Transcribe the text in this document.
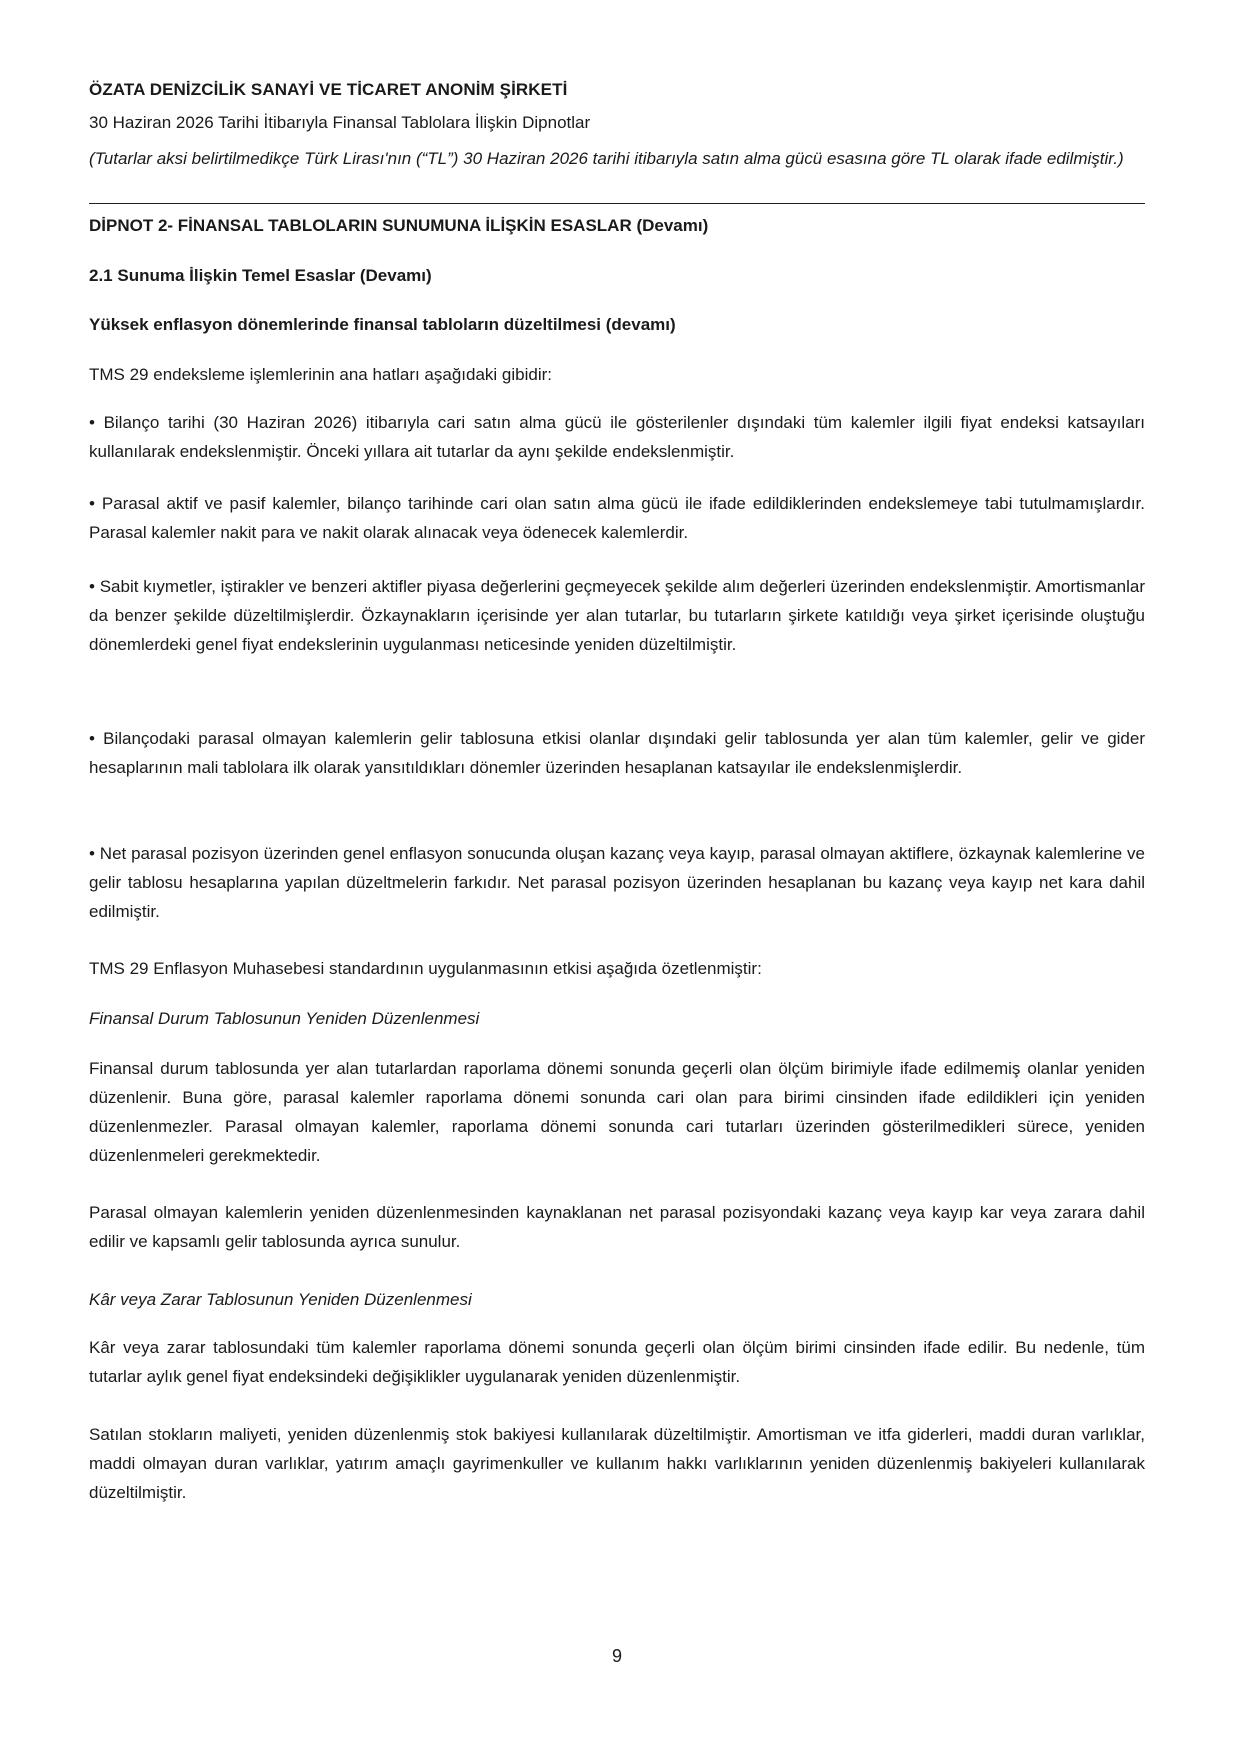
ÖZATA DENİZCİLİK SANAYİ VE TİCARET ANONİM ŞİRKETİ
30 Haziran 2026 Tarihi İtibarıyla Finansal Tablolara İlişkin Dipnotlar
(Tutarlar aksi belirtilmedikçe Türk Lirası'nın (“TL”) 30 Haziran 2026 tarihi itibarıyla satın alma gücü esasına göre TL olarak ifade edilmiştir.)
DİPNOT 2- FİNANSAL TABLOLARIN SUNUMUNA İLİŞKİN ESASLAR (Devamı)
2.1 Sunuma İlişkin Temel Esaslar (Devamı)
Yüksek enflasyon dönemlerinde finansal tabloların düzeltilmesi (devamı)
TMS 29 endeksleme işlemlerinin ana hatları aşağıdaki gibidir:
• Bilanço tarihi (30 Haziran 2026) itibarıyla cari satın alma gücü ile gösterilenler dışındaki tüm kalemler ilgili fiyat endeksi katsayıları kullanılarak endekslenmiştir. Önceki yıllara ait tutarlar da aynı şekilde endekslenmiştir.
• Parasal aktif ve pasif kalemler, bilanço tarihinde cari olan satın alma gücü ile ifade edildiklerinden endekslemeye tabi tutulmamışlardır. Parasal kalemler nakit para ve nakit olarak alınacak veya ödenecek kalemlerdir.
• Sabit kıymetler, iştirakler ve benzeri aktifler piyasa değerlerini geçmeyecek şekilde alım değerleri üzerinden endekslenmiştir. Amortismanlar da benzer şekilde düzeltilmişlerdir. Özkaynakların içerisinde yer alan tutarlar, bu tutarların şirkete katıldığı veya şirket içerisinde oluştuğu dönemlerdeki genel fiyat endekslerinin uygulanması neticesinde yeniden düzeltilmiştir.
• Bilançodaki parasal olmayan kalemlerin gelir tablosuna etkisi olanlar dışındaki gelir tablosunda yer alan tüm kalemler, gelir ve gider hesaplarının mali tablolara ilk olarak yansıtıldıkları dönemler üzerinden hesaplanan katsayılar ile endekslenmişlerdir.
• Net parasal pozisyon üzerinden genel enflasyon sonucunda oluşan kazanç veya kayıp, parasal olmayan aktiflere, özkaynak kalemlerine ve gelir tablosu hesaplarına yapılan düzeltmelerin farkıdır. Net parasal pozisyon üzerinden hesaplanan bu kazanç veya kayıp net kara dahil edilmiştir.
TMS 29 Enflasyon Muhasebesi standardının uygulanmasının etkisi aşağıda özetlenmiştir:
Finansal Durum Tablosunun Yeniden Düzenlenmesi
Finansal durum tablosunda yer alan tutarlardan raporlama dönemi sonunda geçerli olan ölçüm birimiyle ifade edilmemiş olanlar yeniden düzenlenir. Buna göre, parasal kalemler raporlama dönemi sonunda cari olan para birimi cinsinden ifade edildikleri için yeniden düzenlenmezler. Parasal olmayan kalemler, raporlama dönemi sonunda cari tutarları üzerinden gösterilmedikleri sürece, yeniden düzenlenmeleri gerekmektedir.
Parasal olmayan kalemlerin yeniden düzenlenmesinden kaynaklanan net parasal pozisyondaki kazanç veya kayıp kar veya zarara dahil edilir ve kapsamlı gelir tablosunda ayrıca sunulur.
Kâr veya Zarar Tablosunun Yeniden Düzenlenmesi
Kâr veya zarar tablosundaki tüm kalemler raporlama dönemi sonunda geçerli olan ölçüm birimi cinsinden ifade edilir. Bu nedenle, tüm tutarlar aylık genel fiyat endeksindeki değişiklikler uygulanarak yeniden düzenlenmiştir.
Satılan stokların maliyeti, yeniden düzenlenmiş stok bakiyesi kullanılarak düzeltilmiştir. Amortisman ve itfa giderleri, maddi duran varlıklar, maddi olmayan duran varlıklar, yatırım amaçlı gayrimenkuller ve kullanım hakkı varlıklarının yeniden düzenlenmiş bakiyeleri kullanılarak düzeltilmiştir.
9
